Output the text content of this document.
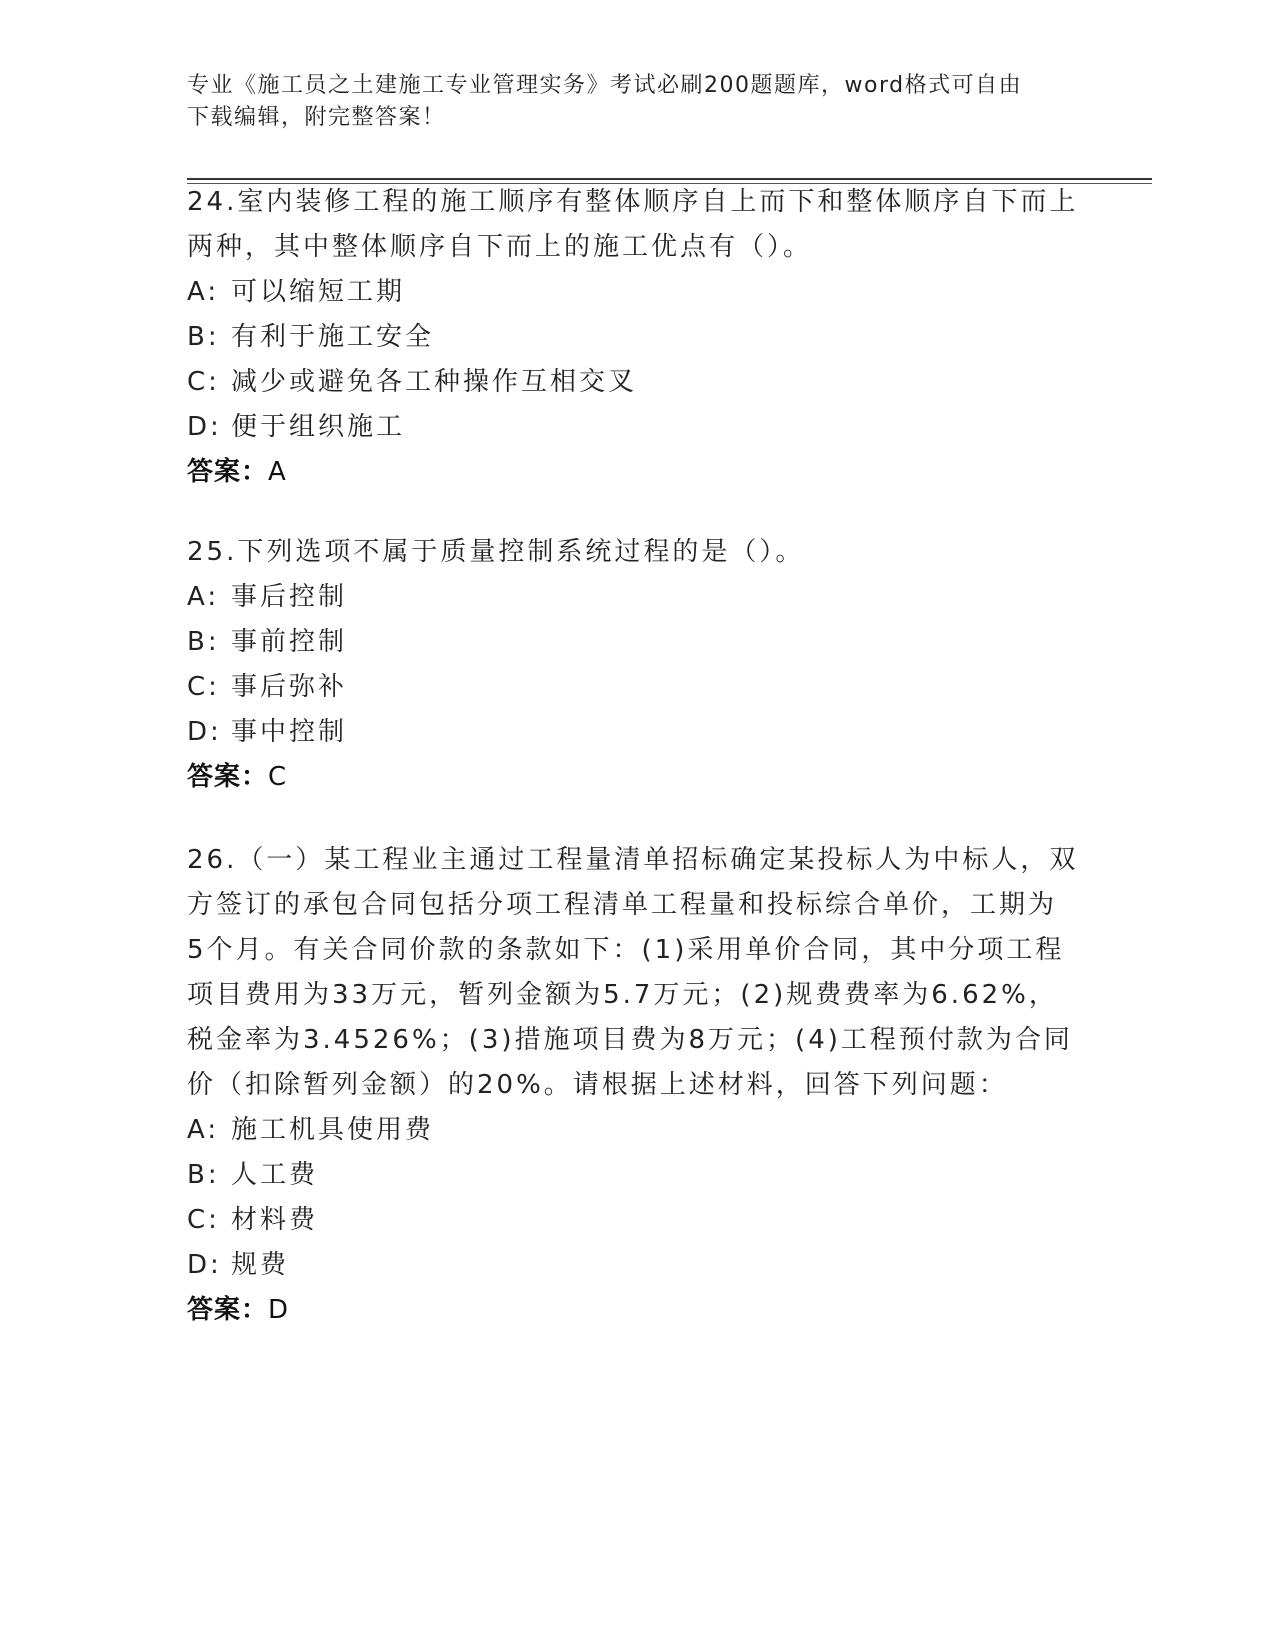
专业《施工员之土建施工专业管理实务》考试必刷200题题库，word格式可自由
下载编辑，附完整答案！

24.室内装修工程的施工顺序有整体顺序自上而下和整体顺序自下而上

两种，其中整体顺序自下而上的施工优点有（）。

A: 可以缩短工期

B: 有利于施工安全

C: 减少或避免各工种操作互相交叉

D: 便于组织施工

答案：A

25.下列选项不属于质量控制系统过程的是（）。

A: 事后控制

B: 事前控制

C: 事后弥补

D: 事中控制

答案：C

26.（一）某工程业主通过工程量清单招标确定某投标人为中标人，双

方签订的承包合同包括分项工程清单工程量和投标综合单价，工期为

5个月。有关合同价款的条款如下：(1)采用单价合同，其中分项工程

项目费用为33万元，暂列金额为5.7万元；(2)规费费率为6.62%，

税金率为3.4526%；(3)措施项目费为8万元；(4)工程预付款为合同

价（扣除暂列金额）的20%。请根据上述材料，回答下列问题：

A: 施工机具使用费

B: 人工费

C: 材料费

D: 规费

答案：D
